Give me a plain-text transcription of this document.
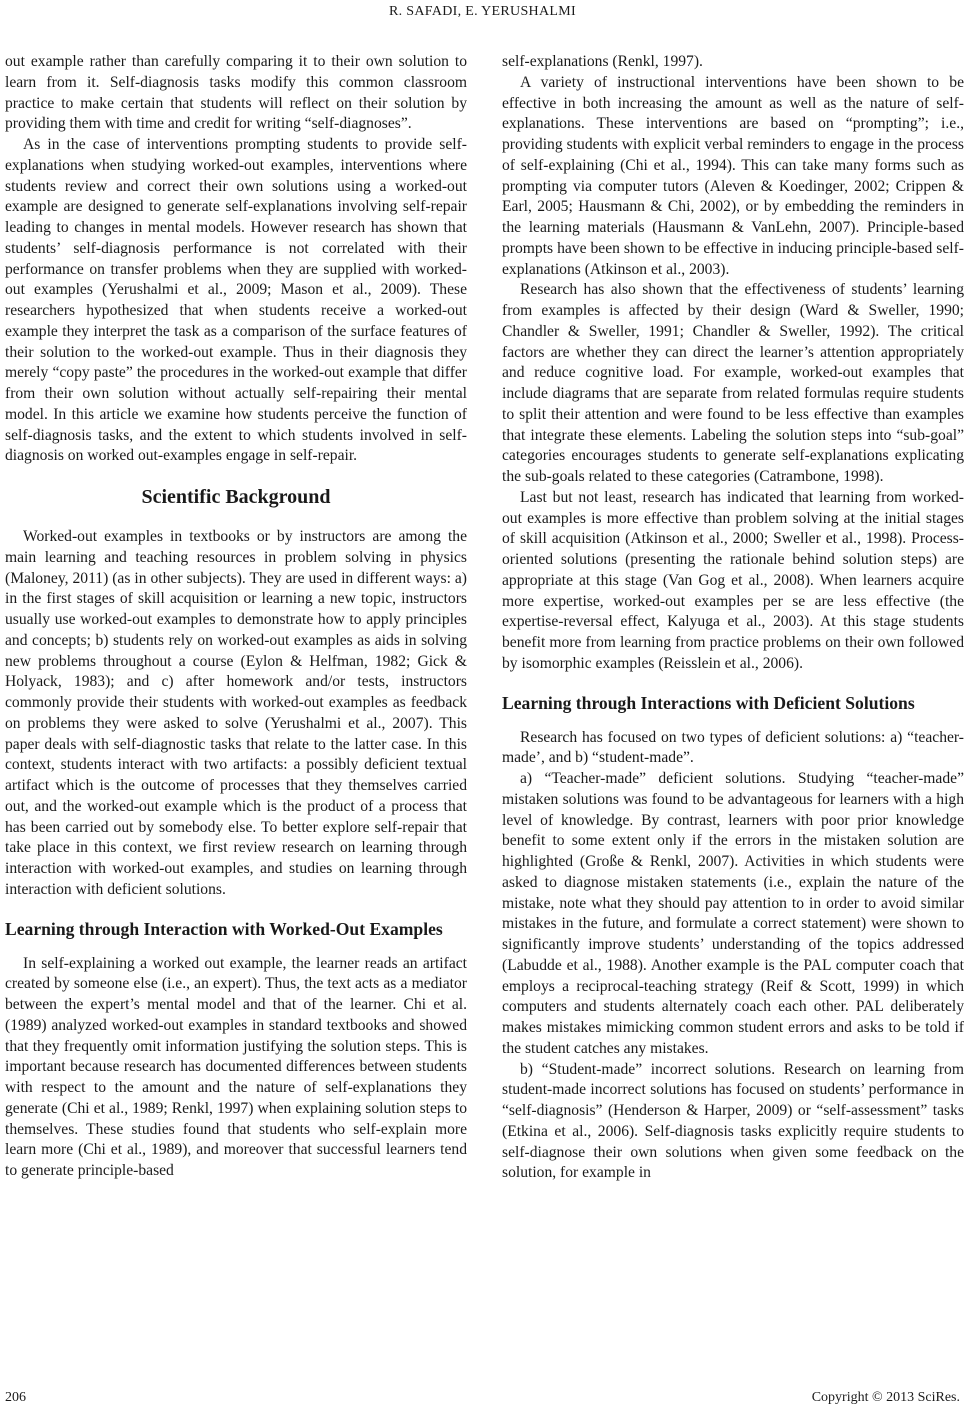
R. SAFADI, E. YERUSHALMI

out example rather than carefully comparing it to their own solution to learn from it. Self-diagnosis tasks modify this common classroom practice to make certain that students will reflect on their solution by providing them with time and credit for writing “self-diagnoses”.

As in the case of interventions prompting students to provide self-explanations when studying worked-out examples, interventions where students review and correct their own solutions using a worked-out example are designed to generate self-explanations involving self-repair leading to changes in mental models. However research has shown that students’ self-diagnosis performance is not correlated with their performance on transfer problems when they are supplied with worked-out examples (Yerushalmi et al., 2009; Mason et al., 2009). These researchers hypothesized that when students receive a worked-out example they interpret the task as a comparison of the surface features of their solution to the worked-out example. Thus in their diagnosis they merely “copy paste” the procedures in the worked-out example that differ from their own solution without actually self-repairing their mental model. In this article we examine how students perceive the function of self-diagnosis tasks, and the extent to which students involved in self-diagnosis on worked out-examples engage in self-repair.

Scientific Background

Worked-out examples in textbooks or by instructors are among the main learning and teaching resources in problem solving in physics (Maloney, 2011) (as in other subjects). They are used in different ways: a) in the first stages of skill acquisition or learning a new topic, instructors usually use worked-out examples to demonstrate how to apply principles and concepts; b) students rely on worked-out examples as aids in solving new problems throughout a course (Eylon & Helfman, 1982; Gick & Holyack, 1983); and c) after homework and/or tests, instructors commonly provide their students with worked-out examples as feedback on problems they were asked to solve (Yerushalmi et al., 2007). This paper deals with self-diagnostic tasks that relate to the latter case. In this context, students interact with two artifacts: a possibly deficient textual artifact which is the outcome of processes that they themselves carried out, and the worked-out example which is the product of a process that has been carried out by somebody else. To better explore self-repair that take place in this context, we first review research on learning through interaction with worked-out examples, and studies on learning through interaction with deficient solutions.

Learning through Interaction with Worked-Out Examples

In self-explaining a worked out example, the learner reads an artifact created by someone else (i.e., an expert). Thus, the text acts as a mediator between the expert’s mental model and that of the learner. Chi et al. (1989) analyzed worked-out examples in standard textbooks and showed that they frequently omit information justifying the solution steps. This is important because research has documented differences between students with respect to the amount and the nature of self-explanations they generate (Chi et al., 1989; Renkl, 1997) when explaining solution steps to themselves. These studies found that students who self-explain more learn more (Chi et al., 1989), and moreover that successful learners tend to generate principle-based

self-explanations (Renkl, 1997).

A variety of instructional interventions have been shown to be effective in both increasing the amount as well as the nature of self-explanations. These interventions are based on “prompting”; i.e., providing students with explicit verbal reminders to engage in the process of self-explaining (Chi et al., 1994). This can take many forms such as prompting via computer tutors (Aleven & Koedinger, 2002; Crippen & Earl, 2005; Hausmann & Chi, 2002), or by embedding the reminders in the learning materials (Hausmann & VanLehn, 2007). Principle-based prompts have been shown to be effective in inducing principle-based self-explanations (Atkinson et al., 2003).

Research has also shown that the effectiveness of students’ learning from examples is affected by their design (Ward & Sweller, 1990; Chandler & Sweller, 1991; Chandler & Sweller, 1992). The critical factors are whether they can direct the learner’s attention appropriately and reduce cognitive load. For example, worked-out examples that include diagrams that are separate from related formulas require students to split their attention and were found to be less effective than examples that integrate these elements. Labeling the solution steps into “sub-goal” categories encourages students to generate self-explanations explicating the sub-goals related to these categories (Catrambone, 1998).

Last but not least, research has indicated that learning from worked-out examples is more effective than problem solving at the initial stages of skill acquisition (Atkinson et al., 2000; Sweller et al., 1998). Process-oriented solutions (presenting the rationale behind solution steps) are appropriate at this stage (Van Gog et al., 2008). When learners acquire more expertise, worked-out examples per se are less effective (the expertise-reversal effect, Kalyuga et al., 2003). At this stage students benefit more from learning from practice problems on their own followed by isomorphic examples (Reisslein et al., 2006).

Learning through Interactions with Deficient Solutions

Research has focused on two types of deficient solutions: a) “teacher-made’, and b) “student-made”.

a) “Teacher-made” deficient solutions. Studying “teacher-made” mistaken solutions was found to be advantageous for learners with a high level of knowledge. By contrast, learners with poor prior knowledge benefit to some extent only if the errors in the mistaken solution are highlighted (Große & Renkl, 2007). Activities in which students were asked to diagnose mistaken statements (i.e., explain the nature of the mistake, note what they should pay attention to in order to avoid similar mistakes in the future, and formulate a correct statement) were shown to significantly improve students’ understanding of the topics addressed (Labudde et al., 1988). Another example is the PAL computer coach that employs a reciprocal-teaching strategy (Reif & Scott, 1999) in which computers and students alternately coach each other. PAL deliberately makes mistakes mimicking common student errors and asks to be told if the student catches any mistakes.

b) “Student-made” incorrect solutions. Research on learning from student-made incorrect solutions has focused on students’ performance in “self-diagnosis” (Henderson & Harper, 2009) or “self-assessment” tasks (Etkina et al., 2006). Self-diagnosis tasks explicitly require students to self-diagnose their own solutions when given some feedback on the solution, for example in

206	Copyright © 2013 SciRes.
